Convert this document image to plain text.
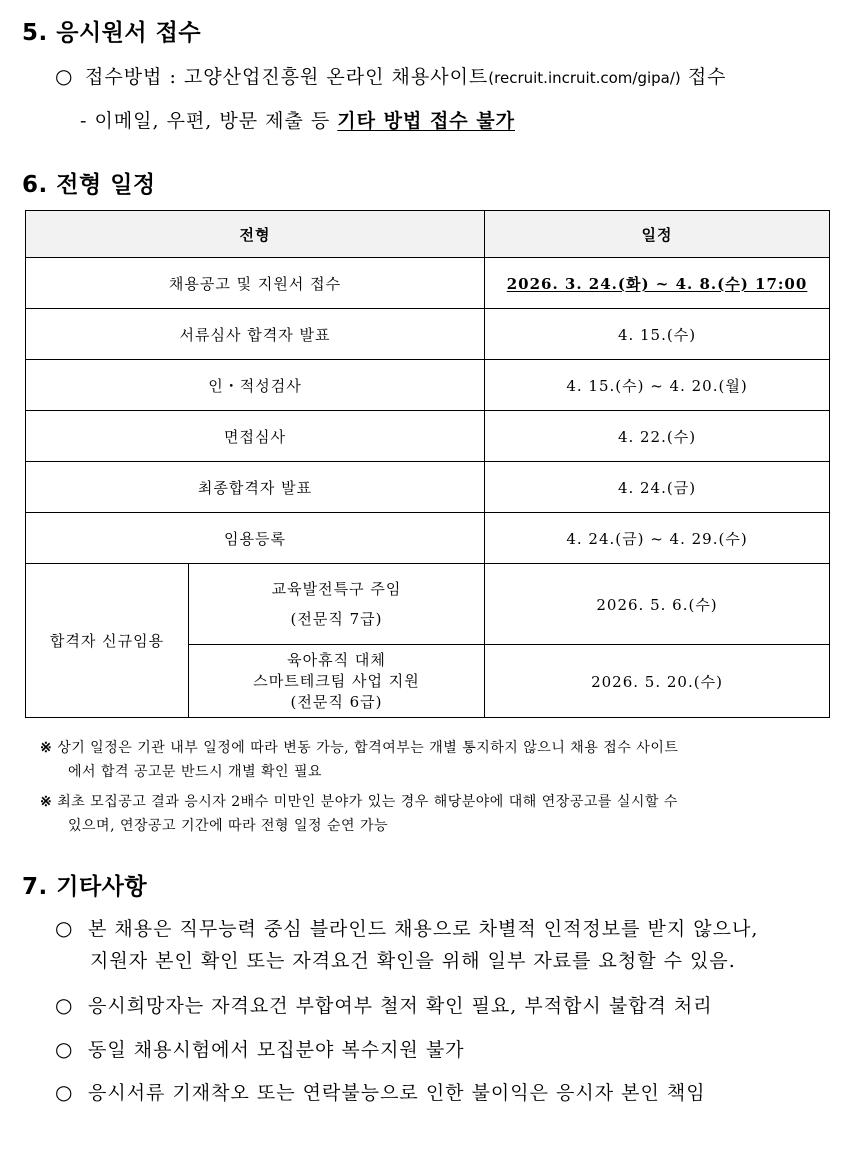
5. 응시원서 접수
○ 접수방법 : 고양산업진흥원 온라인 채용사이트(recruit.incruit.com/gipa/) 접수
- 이메일, 우편, 방문 제출 등 기타 방법 접수 불가
6. 전형 일정
전형		일정
채용공고 및 지원서 접수		2026. 3. 24.(화) ~ 4. 8.(수) 17:00
서류심사 합격자 발표		4. 15.(수)
인・적성검사		4. 15.(수) ~ 4. 20.(월)
면접심사		4. 22.(수)
최종합격자 발표		4. 24.(금)
임용등록		4. 24.(금) ~ 4. 29.(수)
합격자 신규임용	교육발전특구 주임
(전문직 7급)	2026. 5. 6.(수)

	육아휴직 대체
스마트테크팀 사업 지원
(전문직 6급)	2026. 5. 20.(수)
※ 상기 일정은 기관 내부 일정에 따라 변동 가능, 합격여부는 개별 통지하지 않으니 채용 접수 사이트
에서 합격 공고문 반드시 개별 확인 필요
※ 최초 모집공고 결과 응시자 2배수 미만인 분야가 있는 경우 해당분야에 대해 연장공고를 실시할 수
있으며, 연장공고 기간에 따라 전형 일정 순연 가능
7. 기타사항
○ 본 채용은 직무능력 중심 블라인드 채용으로 차별적 인적정보를 받지 않으나,
지원자 본인 확인 또는 자격요건 확인을 위해 일부 자료를 요청할 수 있음.
○ 응시희망자는 자격요건 부합여부 철저 확인 필요, 부적합시 불합격 처리
○ 동일 채용시험에서 모집분야 복수지원 불가
○ 응시서류 기재착오 또는 연락불능으로 인한 불이익은 응시자 본인 책임
